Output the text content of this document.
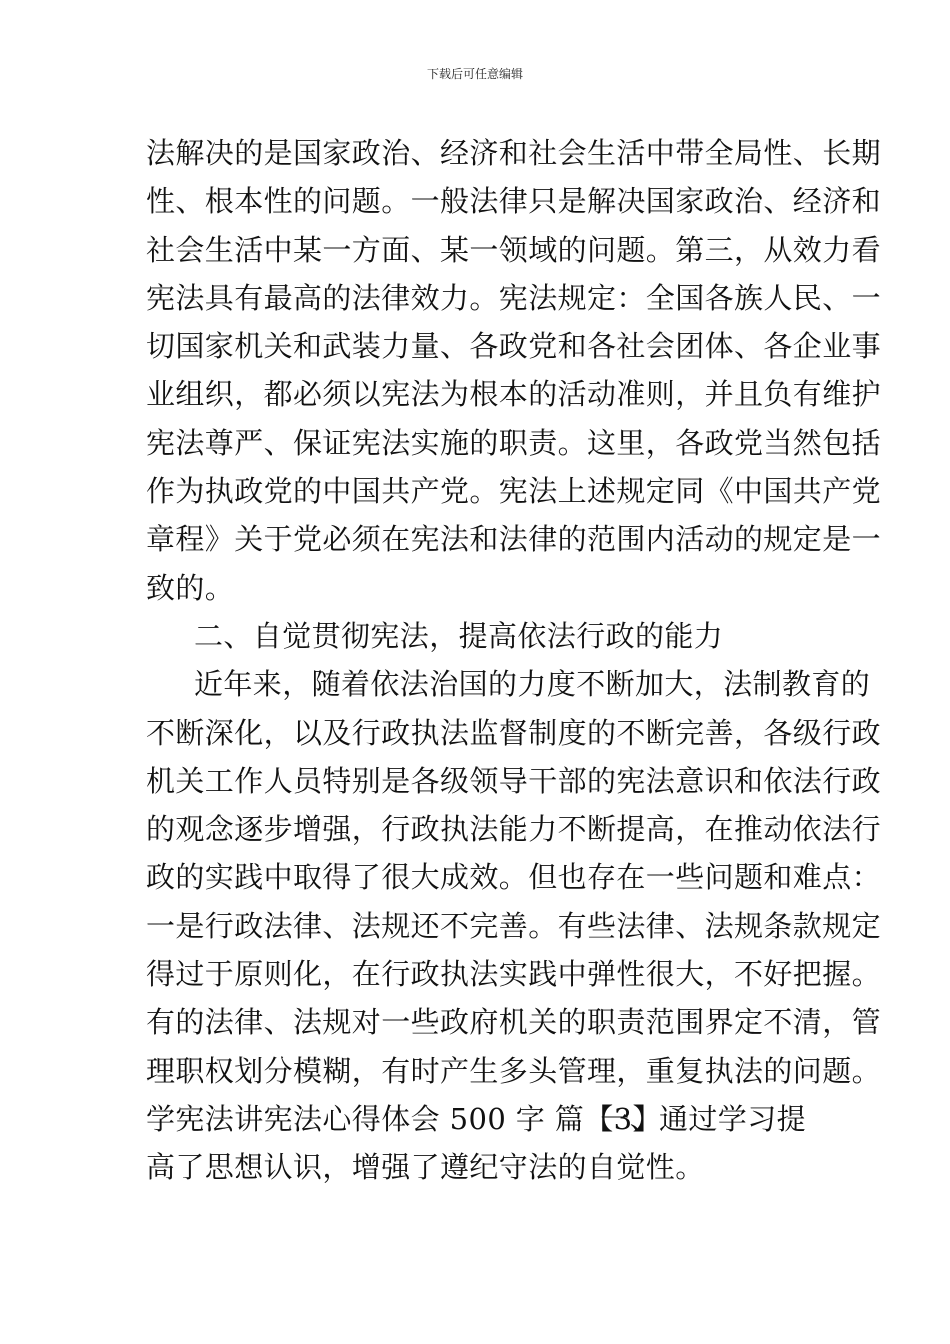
下载后可任意编辑
法解决的是国家政治、经济和社会生活中带全局性、长期
性、根本性的问题。一般法律只是解决国家政治、经济和
社会生活中某一方面、某一领域的问题。第三，从效力看
宪法具有最高的法律效力。宪法规定：全国各族人民、一
切国家机关和武装力量、各政党和各社会团体、各企业事
业组织，都必须以宪法为根本的活动准则，并且负有维护
宪法尊严、保证宪法实施的职责。这里，各政党当然包括
作为执政党的中国共产党。宪法上述规定同《中国共产党
章程》关于党必须在宪法和法律的范围内活动的规定是一
致的。
二、自觉贯彻宪法，提高依法行政的能力
近年来，随着依法治国的力度不断加大，法制教育的
不断深化，以及行政执法监督制度的不断完善，各级行政
机关工作人员特别是各级领导干部的宪法意识和依法行政
的观念逐步增强，行政执法能力不断提高，在推动依法行
政的实践中取得了很大成效。但也存在一些问题和难点：
一是行政法律、法规还不完善。有些法律、法规条款规定
得过于原则化，在行政执法实践中弹性很大，不好把握。
有的法律、法规对一些政府机关的职责范围界定不清，管
理职权划分模糊，有时产生多头管理，重复执法的问题。
学宪法讲宪法心得体会 500 字 篇【3】
一、通过学习提
高了思想认识，增强了遵纪守法的自觉性。
